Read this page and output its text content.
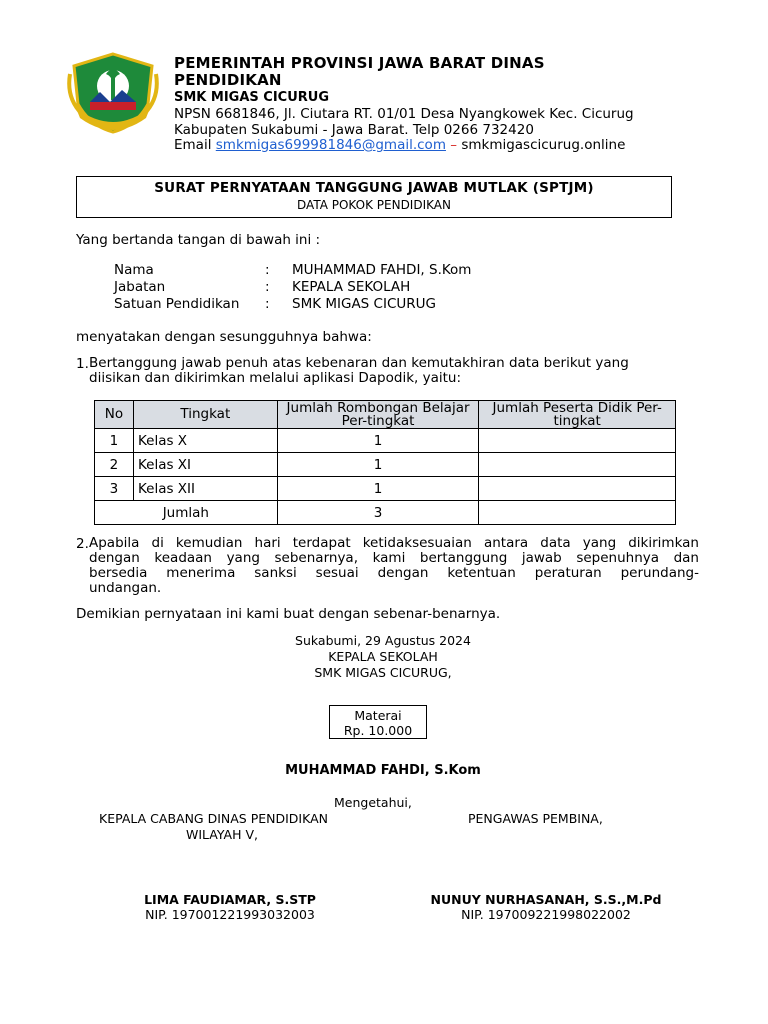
PEMERINTAH PROVINSI JAWA BARAT DINAS PENDIDIKAN
SMK MIGAS CICURUG
NPSN 6681846, Jl. Ciutara RT. 01/01 Desa Nyangkowek Kec. Cicurug
Kabupaten Sukabumi - Jawa Barat. Telp 0266 732420
Email smkmigas699981846@gmail.com – smkmigascicurug.online
SURAT PERNYATAAN TANGGUNG JAWAB MUTLAK (SPTJM)
DATA POKOK PENDIDIKAN
Yang bertanda tangan di bawah ini :
Nama	: MUHAMMAD FAHDI, S.Kom
Jabatan	: KEPALA SEKOLAH
Satuan Pendidikan : SMK MIGAS CICURUG
menyatakan dengan sesungguhnya bahwa:
1. Bertanggung jawab penuh atas kebenaran dan kemutakhiran data berikut yang
diisikan dan dikirimkan melalui aplikasi Dapodik, yaitu:
No	Tingkat	Jumlah Rombongan Belajar Per-tingkat	Jumlah Peserta Didik Per-tingkat
1	Kelas X	1	
2	Kelas XI	1	
3	Kelas XII	1	
Jumlah		3	
2. Apabila di kemudian hari terdapat ketidaksesuaian antara data yang dikirimkan
dengan keadaan yang sebenarnya, kami bertanggung jawab sepenuhnya dan
bersedia menerima sanksi sesuai dengan ketentuan peraturan perundang-
undangan.
Demikian pernyataan ini kami buat dengan sebenar-benarnya.
Sukabumi, 29 Agustus 2024
KEPALA SEKOLAH
SMK MIGAS CICURUG,
Materai
Rp. 10.000
MUHAMMAD FAHDI, S.Kom
Mengetahui,
KEPALA CABANG DINAS PENDIDIKAN
WILAYAH V,
PENGAWAS PEMBINA,
LIMA FAUDIAMAR, S.STP
NIP. 197001221993032003
NUNUY NURHASANAH, S.S.,M.Pd
NIP. 197009221998022002
